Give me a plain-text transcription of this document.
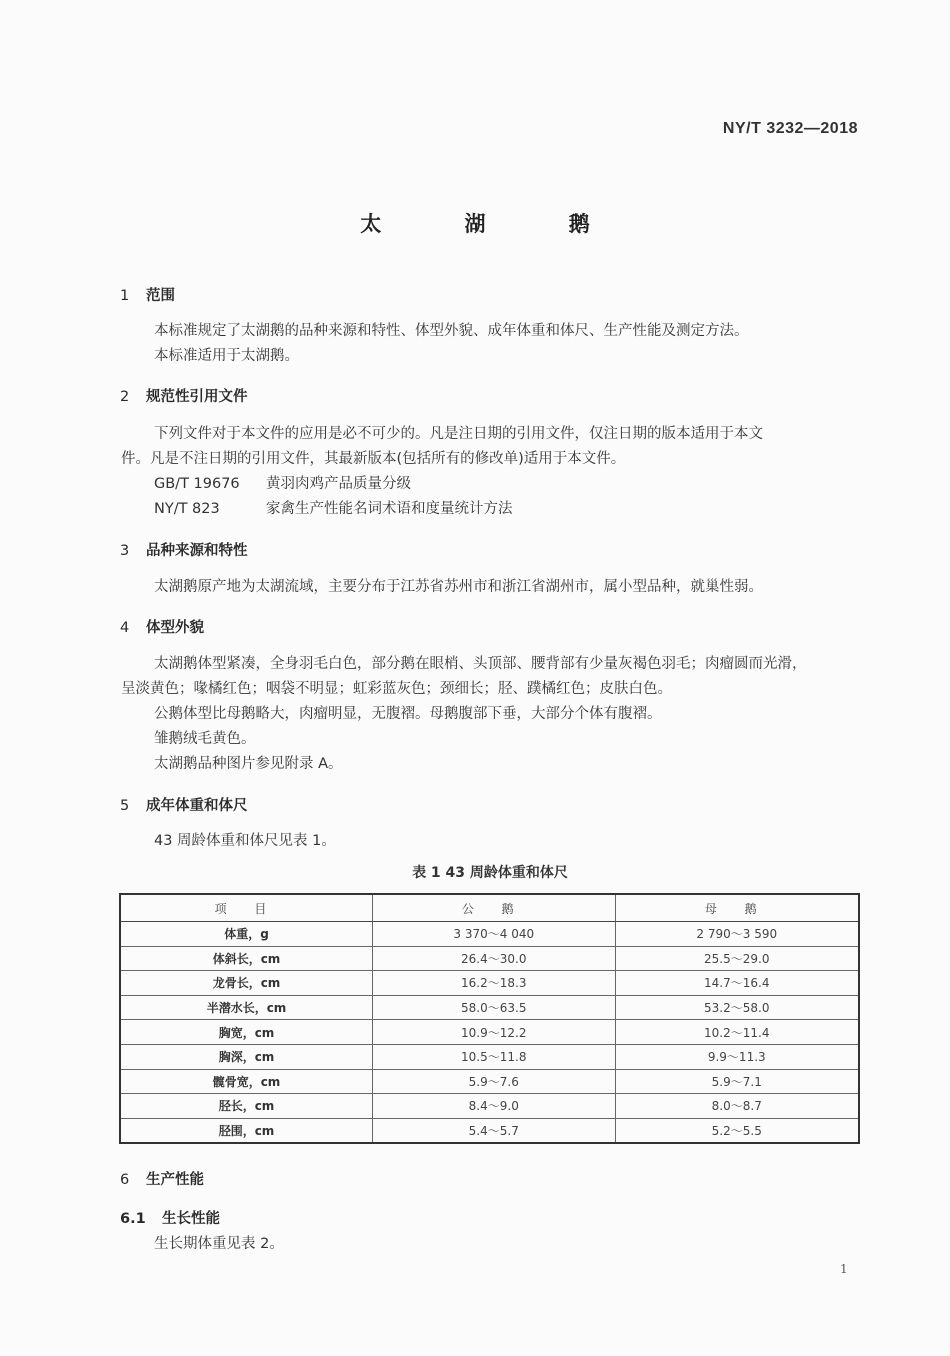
NY/T 3232—2018
太 湖 鹅
1 范围
本标准规定了太湖鹅的品种来源和特性、体型外貌、成年体重和体尺、生产性能及测定方法。
本标准适用于太湖鹅。
2 规范性引用文件
下列文件对于本文件的应用是必不可少的。凡是注日期的引用文件，仅注日期的版本适用于本文
件。凡是不注日期的引用文件，其最新版本(包括所有的修改单)适用于本文件。
GB/T 19676 黄羽肉鸡产品质量分级
NY/T 823	家禽生产性能名词术语和度量统计方法
3 品种来源和特性
太湖鹅原产地为太湖流域，主要分布于江苏省苏州市和浙江省湖州市，属小型品种，就巢性弱。
4 体型外貌
太湖鹅体型紧凑，全身羽毛白色，部分鹅在眼梢、头顶部、腰背部有少量灰褐色羽毛；肉瘤圆而光滑，
呈淡黄色；喙橘红色；咽袋不明显；虹彩蓝灰色；颈细长；胫、蹼橘红色；皮肤白色。
公鹅体型比母鹅略大，肉瘤明显，无腹褶。母鹅腹部下垂，大部分个体有腹褶。
雏鹅绒毛黄色。
太湖鹅品种图片参见附录 A。
5 成年体重和体尺
43 周龄体重和体尺见表 1。
表 1 43 周龄体重和体尺
项 目	公 鹅	母 鹅
体重，g	3 370～4 040	2 790～3 590
体斜长，cm	26.4～30.0	25.5～29.0
龙骨长，cm	16.2～18.3	14.7～16.4
半潜水长，cm	58.0～63.5	53.2～58.0
胸宽，cm	10.9～12.2	10.2～11.4
胸深，cm	10.5～11.8	9.9～11.3
髋骨宽，cm	5.9～7.6	5.9～7.1
胫长，cm	8.4～9.0	8.0～8.7
胫围，cm	5.4～5.7	5.2～5.5
6 生产性能
6.1 生长性能
生长期体重见表 2。
1
